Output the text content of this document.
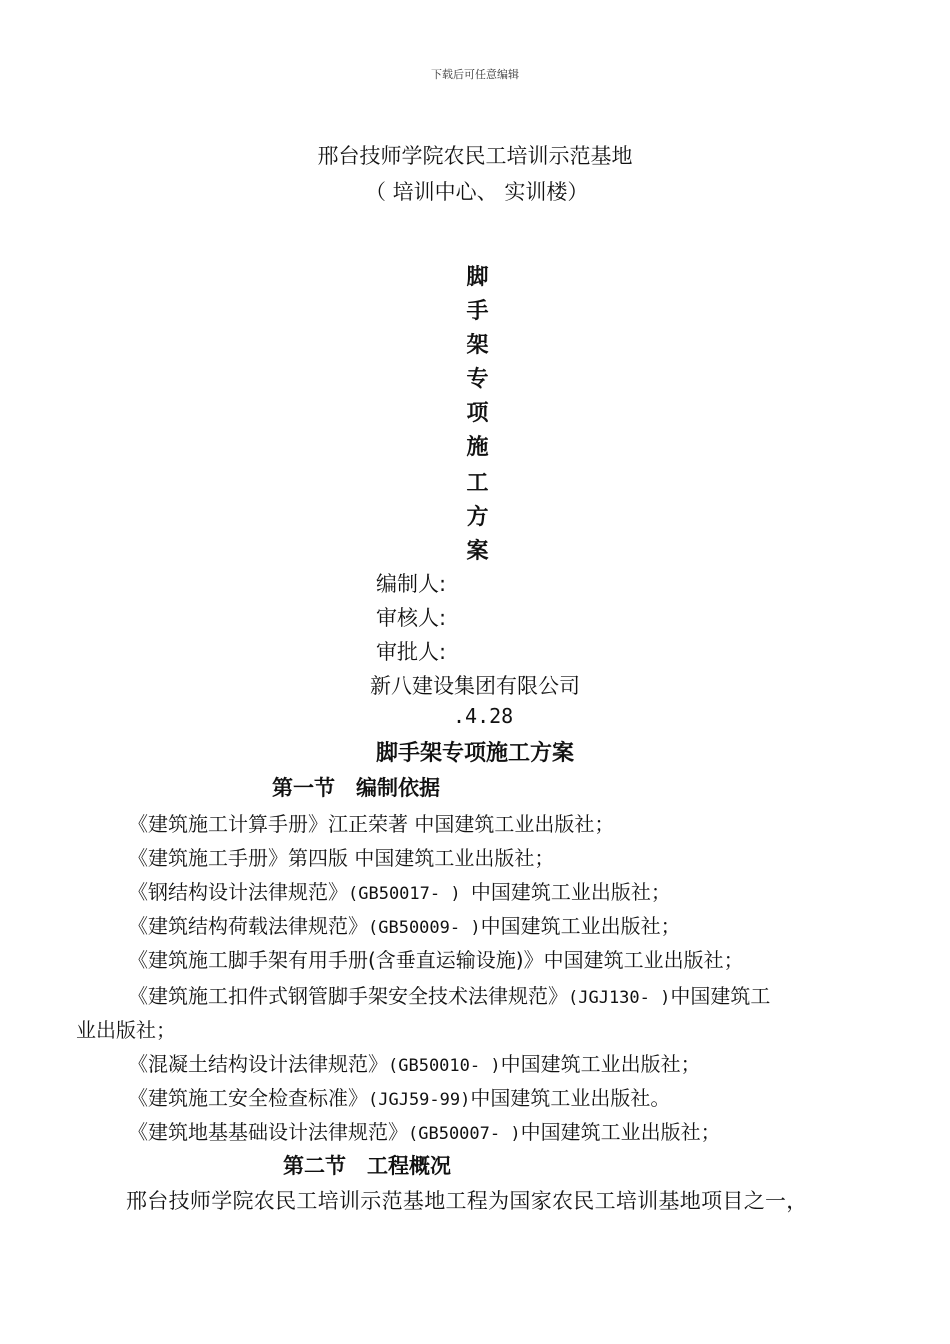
下载后可任意编辑
邢台技师学院农民工培训示范基地
（ 培训中心、 实训楼）
脚
手
架
专
项
施
工
方
案
编制人:
审核人:
审批人:
新八建设集团有限公司
.4.28
脚手架专项施工方案
第一节　编制依据
《建筑施工计算手册》江正荣著 中国建筑工业出版社；
《建筑施工手册》第四版 中国建筑工业出版社；
《钢结构设计法律规范》(GB50017- ) 中国建筑工业出版社；
《建筑结构荷载法律规范》(GB50009- )中国建筑工业出版社；
《建筑施工脚手架有用手册(含垂直运输设施)》中国建筑工业出版社；
《建筑施工扣件式钢管脚手架安全技术法律规范》(JGJ130- )中国建筑工
业出版社；
《混凝土结构设计法律规范》(GB50010- )中国建筑工业出版社；
《建筑施工安全检查标准》(JGJ59-99)中国建筑工业出版社。
《建筑地基基础设计法律规范》(GB50007- )中国建筑工业出版社；
第二节　工程概况
邢台技师学院农民工培训示范基地工程为国家农民工培训基地项目之一，
